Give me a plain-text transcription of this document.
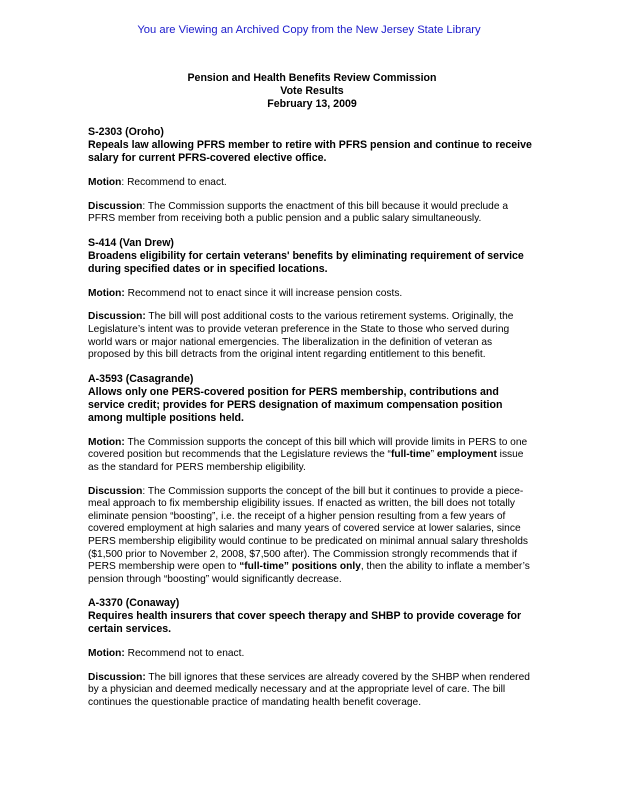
You are Viewing an Archived Copy from the New Jersey State Library
Pension and Health Benefits Review Commission
Vote Results
February 13, 2009
S-2303 (Oroho)
Repeals law allowing PFRS member to retire with PFRS pension and continue to receive salary for current PFRS-covered elective office.
Motion: Recommend to enact.
Discussion: The Commission supports the enactment of this bill because it would preclude a PFRS member from receiving both a public pension and a public salary simultaneously.
S-414 (Van Drew)
Broadens eligibility for certain veterans' benefits by eliminating requirement of service during specified dates or in specified locations.
Motion: Recommend not to enact since it will increase pension costs.
Discussion: The bill will post additional costs to the various retirement systems. Originally, the Legislature’s intent was to provide veteran preference in the State to those who served during world wars or major national emergencies. The liberalization in the definition of veteran as proposed by this bill detracts from the original intent regarding entitlement to this benefit.
A-3593 (Casagrande)
Allows only one PERS-covered position for PERS membership, contributions and service credit; provides for PERS designation of maximum compensation position among multiple positions held.
Motion: The Commission supports the concept of this bill which will provide limits in PERS to one covered position but recommends that the Legislature reviews the “full-time” employment issue as the standard for PERS membership eligibility.
Discussion: The Commission supports the concept of the bill but it continues to provide a piece-meal approach to fix membership eligibility issues. If enacted as written, the bill does not totally eliminate pension “boosting”, i.e. the receipt of a higher pension resulting from a few years of covered employment at high salaries and many years of covered service at lower salaries, since PERS membership eligibility would continue to be predicated on minimal annual salary thresholds ($1,500 prior to November 2, 2008, $7,500 after). The Commission strongly recommends that if PERS membership were open to “full-time” positions only, then the ability to inflate a member’s pension through “boosting” would significantly decrease.
A-3370 (Conaway)
Requires health insurers that cover speech therapy and SHBP to provide coverage for certain services.
Motion: Recommend not to enact.
Discussion: The bill ignores that these services are already covered by the SHBP when rendered by a physician and deemed medically necessary and at the appropriate level of care. The bill continues the questionable practice of mandating health benefit coverage.
